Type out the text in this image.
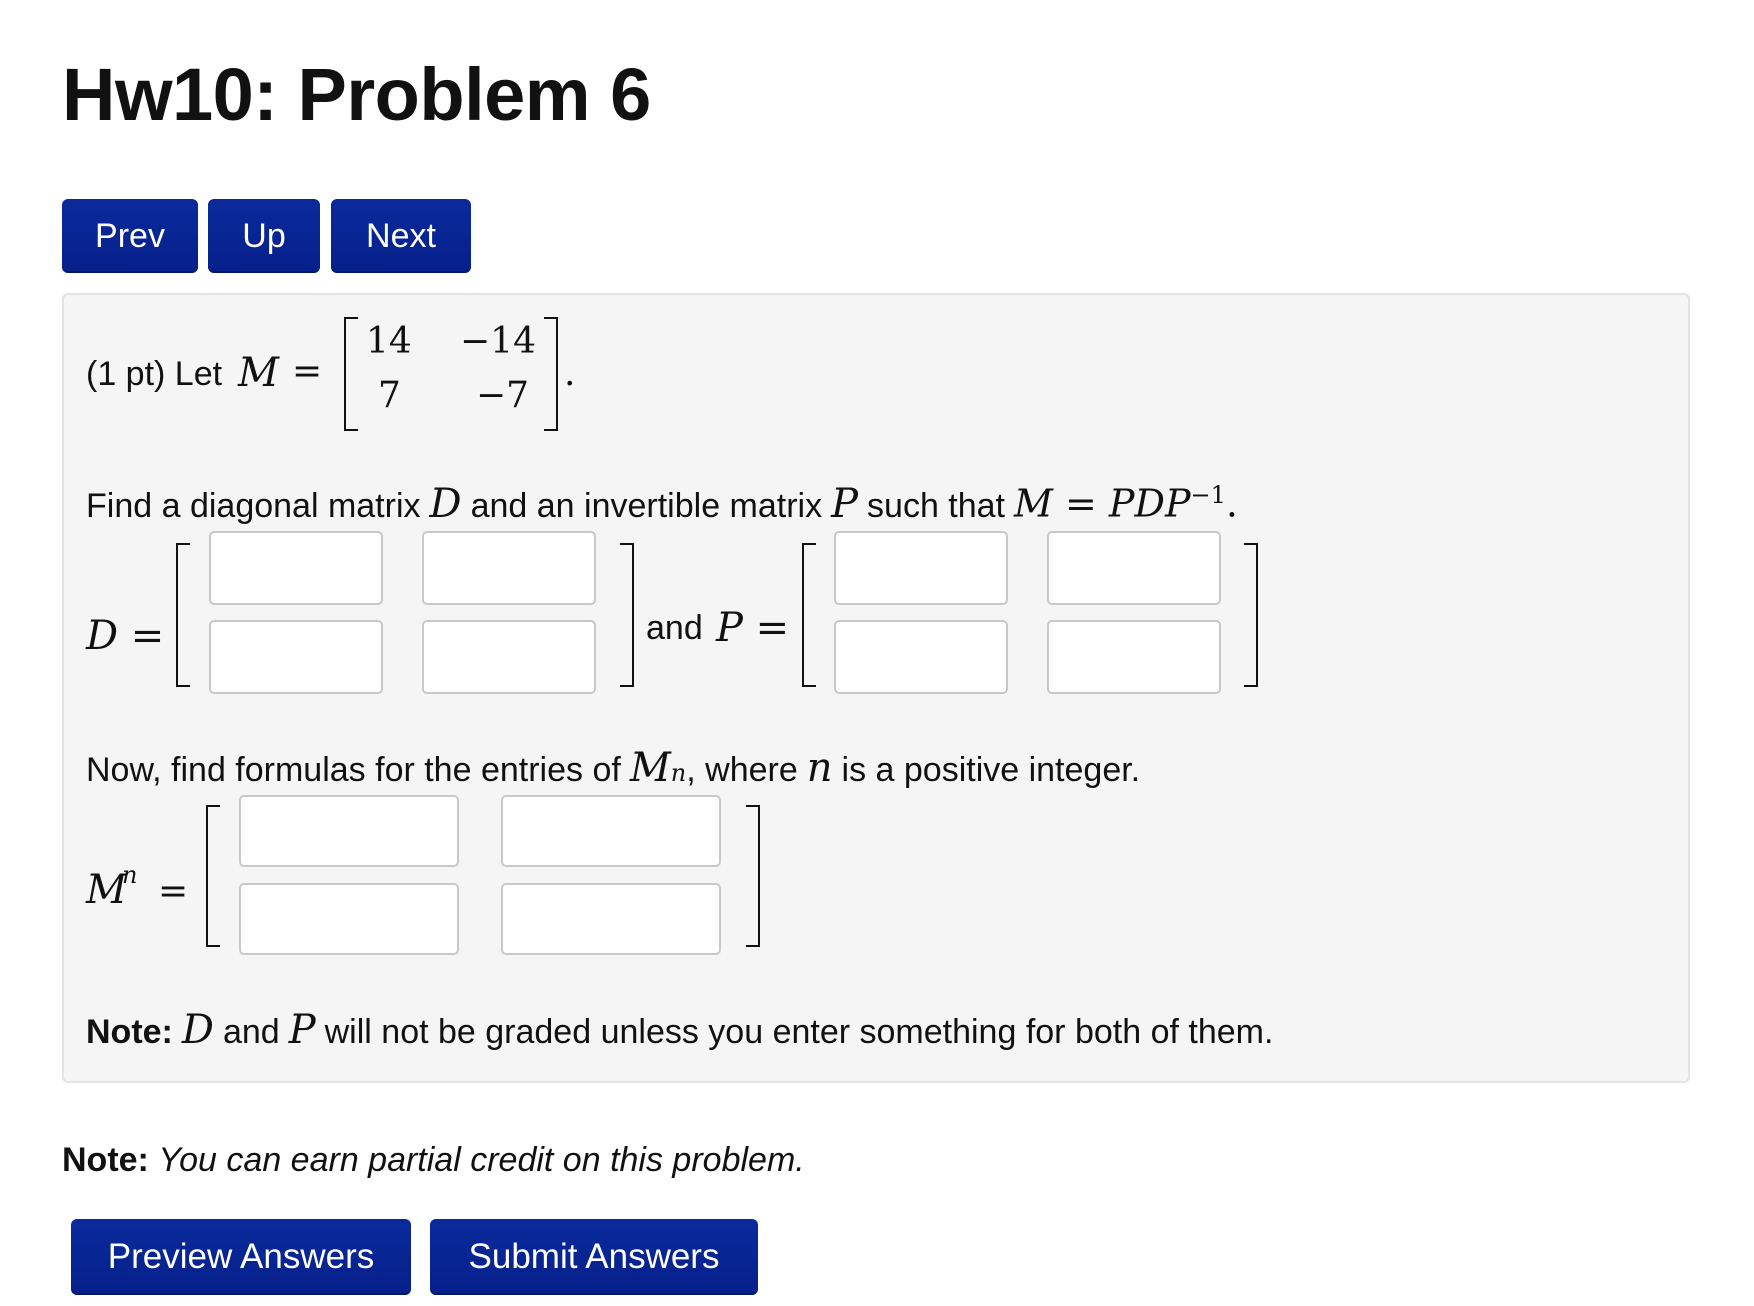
Hw10: Problem 6
Prev	Up	Next
(1 pt) Let M =
14 −14
7 −7
.
Find a diagonal matrix D and an invertible matrix P such that $M = PDP^{-1}$.
D =	and P =
Now, find formulas for the entries of M n , where n is a positive integer.
M
n =
Note: D and P will not be graded unless you enter something for both of them.
Note: You can earn partial credit on this problem.
Preview Answers	Submit Answers
